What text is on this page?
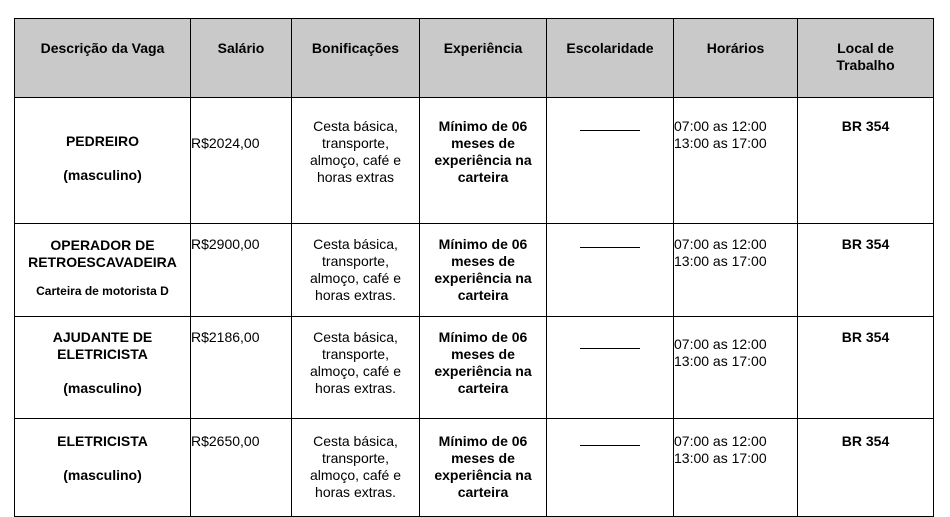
Descrição da Vaga	Salário	Bonificações	Experiência	Escolaridade	Horários	Local de
Trabalho

PEDREIRO
(masculino)	R$2024,00	Cesta básica,
transporte,
almoço, café e
horas extras	Mínimo de 06
meses de
experiência na
carteira		07:00 as 12:00
13:00 as 17:00	BR 354

OPERADOR DE
RETROESCAVADEIRA
Carteira de motorista D	R$2900,00	Cesta básica,
transporte,
almoço, café e
horas extras.	Mínimo de 06
meses de
experiência na
carteira		07:00 as 12:00
13:00 as 17:00	BR 354

AJUDANTE DE
ELETRICISTA
(masculino)	R$2186,00	Cesta básica,
transporte,
almoço, café e
horas extras.	Mínimo de 06
meses de
experiência na
carteira		07:00 as 12:00
13:00 as 17:00	BR 354

ELETRICISTA
(masculino)	R$2650,00	Cesta básica,
transporte,
almoço, café e
horas extras.	Mínimo de 06
meses de
experiência na
carteira		07:00 as 12:00
13:00 as 17:00	BR 354
